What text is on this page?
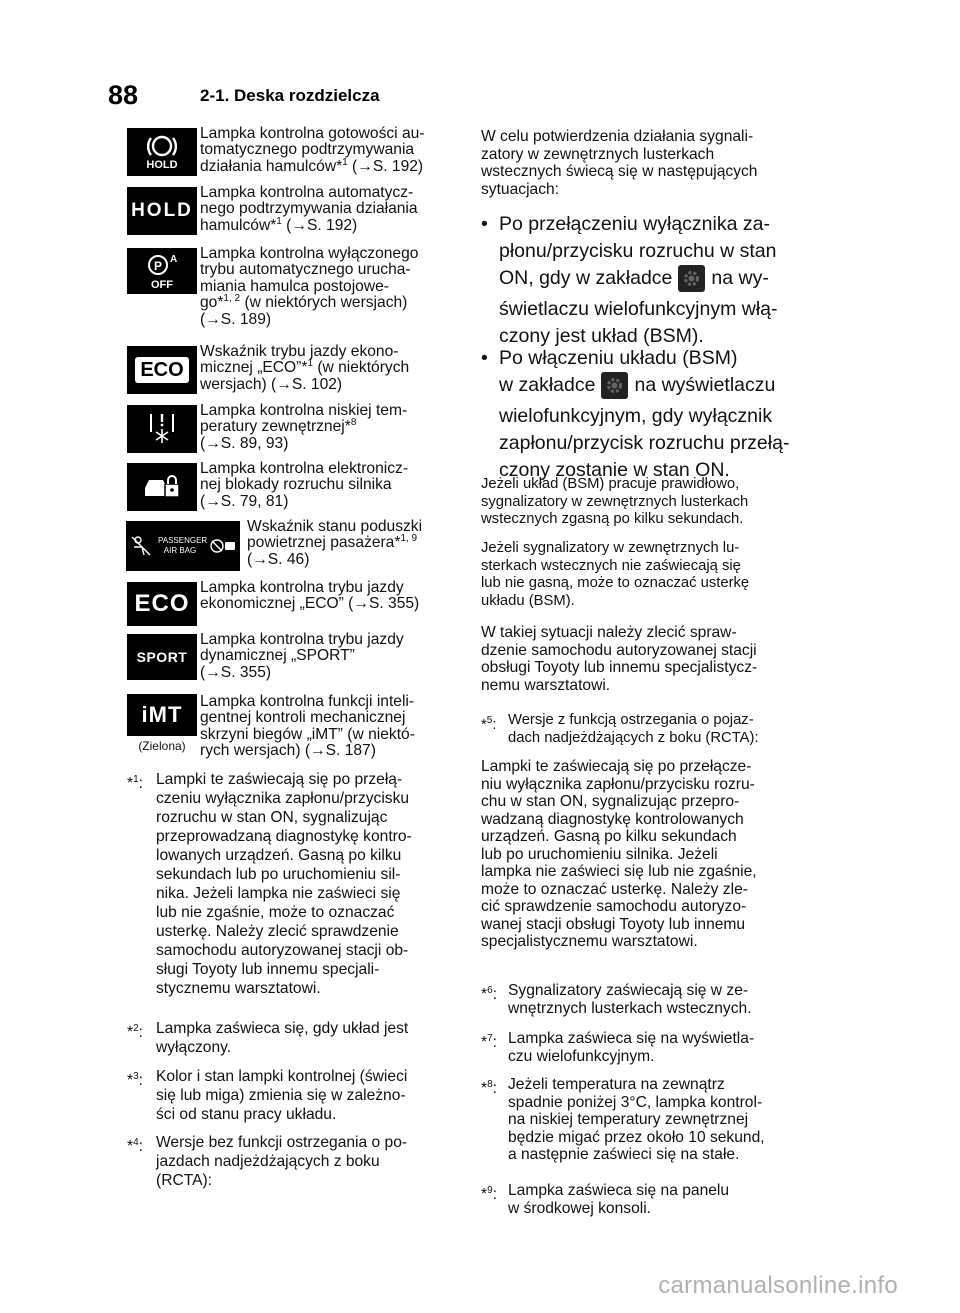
88	2-1. Deska rozdzielcza
HOLD
Lampka kontrolna gotowości au-
tomatycznego podtrzymywania
działania hamulców*$^1$ (→S. 192)
HOLD
Lampka kontrolna automatycz-
nego podtrzymywania działania
hamulców*$^1$ (→S. 192)
P A
OFF
Lampka kontrolna wyłączonego
trybu automatycznego urucha-
miania hamulca postojowe-
go*$^{1, 2}$ (w niektórych wersjach)
(→S. 189)
ECO
Wskaźnik trybu jazdy ekono-
micznej „ECO”*$^1$ (w niektórych
wersjach) (→S. 102)
Lampka kontrolna niskiej tem-
peratury zewnętrznej*$^8$
(→S. 89, 93)
Lampka kontrolna elektronicz-
nej blokady rozruchu silnika
(→S. 79, 81)
PASSENGER AIR BAG
Wskaźnik stanu poduszki
powietrznej pasażera*$^{1, 9}$
(→S. 46)
ECO
Lampka kontrolna trybu jazdy
ekonomicznej „ECO” (→S. 355)
SPORT
Lampka kontrolna trybu jazdy
dynamicznej „SPORT”
(→S. 355)
iMT
(Zielona)
Lampka kontrolna funkcji inteli-
gentnej kontroli mechanicznej
skrzyni biegów „iMT” (w niektó-
rych wersjach) (→S. 187)
*$^1$: Lampki te zaświecają się po przełą-
czeniu wyłącznika zapłonu/przycisku
rozruchu w stan ON, sygnalizując
przeprowadzaną diagnostykę kontro-
lowanych urządzeń. Gasną po kilku
sekundach lub po uruchomieniu sil-
nika. Jeżeli lampka nie zaświeci się
lub nie zgaśnie, może to oznaczać
usterkę. Należy zlecić sprawdzenie
samochodu autoryzowanej stacji ob-
sługi Toyoty lub innemu specjali-
stycznemu warsztatowi.
*$^2$: Lampka zaświeca się, gdy układ jest
wyłączony.
*$^3$: Kolor i stan lampki kontrolnej (świeci
się lub miga) zmienia się w zależno-
ści od stanu pracy układu.
*$^4$: Wersje bez funkcji ostrzegania o po-
jazdach nadjeżdżających z boku
(RCTA):
W celu potwierdzenia działania sygnali-
zatory w zewnętrznych lusterkach
wstecznych świecą się w następujących
sytuacjach:
• Po przełączeniu wyłącznika za-
płonu/przycisku rozruchu w stan
ON, gdy w zakładce na wy-
świetlaczu wielofunkcyjnym włą-
czony jest układ (BSM).
• Po włączeniu układu (BSM)
w zakładce na wyświetlaczu
wielofunkcyjnym, gdy wyłącznik
zapłonu/przycisk rozruchu przełą-
czony zostanie w stan ON.
Jeżeli układ (BSM) pracuje prawidłowo,
sygnalizatory w zewnętrznych lusterkach
wstecznych zgasną po kilku sekundach.
Jeżeli sygnalizatory w zewnętrznych lu-
sterkach wstecznych nie zaświecają się
lub nie gasną, może to oznaczać usterkę
układu (BSM).
W takiej sytuacji należy zlecić spraw-
dzenie samochodu autoryzowanej stacji
obsługi Toyoty lub innemu specjalistycz-
nemu warsztatowi.
*$^5$: Wersje z funkcją ostrzegania o pojaz-
dach nadjeżdżających z boku (RCTA):
Lampki te zaświecają się po przełącze-
niu wyłącznika zapłonu/przycisku rozru-
chu w stan ON, sygnalizując przepro-
wadzaną diagnostykę kontrolowanych
urządzeń. Gasną po kilku sekundach
lub po uruchomieniu silnika. Jeżeli
lampka nie zaświeci się lub nie zgaśnie,
może to oznaczać usterkę. Należy zle-
cić sprawdzenie samochodu autoryzo-
wanej stacji obsługi Toyoty lub innemu
specjalistycznemu warsztatowi.
*$^6$: Sygnalizatory zaświecają się w ze-
wnętrznych lusterkach wstecznych.
*$^7$: Lampka zaświeca się na wyświetla-
czu wielofunkcyjnym.
*$^8$: Jeżeli temperatura na zewnątrz
spadnie poniżej 3°C, lampka kontrol-
na niskiej temperatury zewnętrznej
będzie migać przez około 10 sekund,
a następnie zaświeci się na stałe.
*$^9$: Lampka zaświeca się na panelu
w środkowej konsoli.
carmanualsonline.info
